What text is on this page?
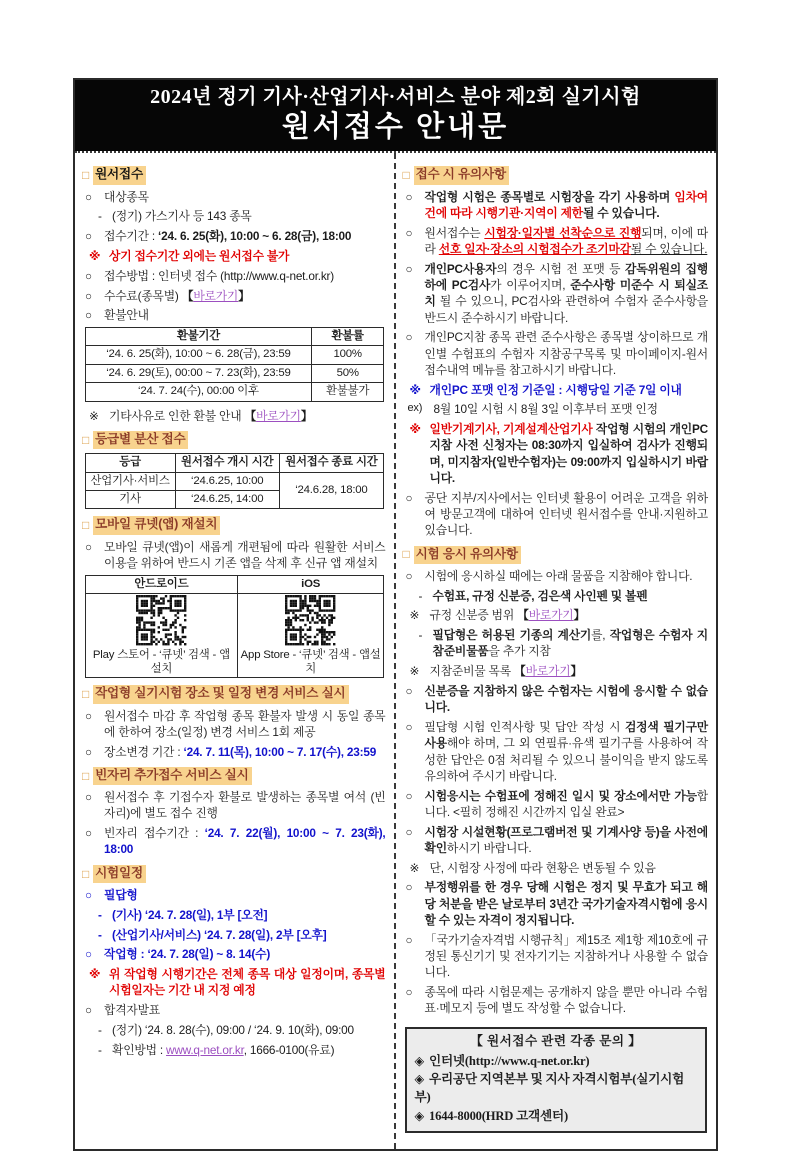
2024년 정기 기사·산업기사·서비스 분야 제2회 실기시험
원서접수 안내문
□ 원서접수
○ 대상종목
- (정기) 가스기사 등 143 종목
○ 접수기간 : ‘24. 6. 25(화), 10:00 ~ 6. 28(금), 18:00
※ 상기 접수기간 외에는 원서접수 불가
○ 접수방법 : 인터넷 접수 (http://www.q-net.or.kr)
○ 수수료(종목별) 【바로가기】
○ 환불안내
환불기간	환불률
‘24. 6. 25(화), 10:00 ~ 6. 28(금), 23:59	100%
‘24. 6. 29(토), 00:00 ~ 7. 23(화), 23:59	50%
‘24. 7. 24(수), 00:00 이후	환불불가
※ 기타사유로 인한 환불 안내 【바로가기】
□ 등급별 분산 접수
등급	원서접수 개시 시간	원서접수 종료 시간
산업기사·서비스	‘24.6.25, 10:00	‘24.6.28, 18:00
기사	‘24.6.25, 14:00	
□ 모바일 큐넷(앱) 재설치
○ 모바일 큐넷(앱)이 새롭게 개편됨에 따라 원활한 서비스 이용을 위하여 반드시 기존 앱을 삭제 후 신규 앱 재설치
안드로이드	iOS

Play 스토어 - ‘큐넷’ 검색 - 앱설치	App Store - ‘큐넷’ 검색 - 앱설치
□ 작업형 실기시험 장소 및 일정 변경 서비스 실시
○ 원서접수 마감 후 작업형 종목 환불자 발생 시 동일 종목에 한하여 장소(일정) 변경 서비스 1회 제공
○ 장소변경 기간 : ‘24. 7. 11(목), 10:00 ~ 7. 17(수), 23:59
□ 빈자리 추가접수 서비스 실시
○ 원서접수 후 기접수자 환불로 발생하는 종목별 여석 (빈자리)에 별도 접수 진행
○ 빈자리 접수기간 : ‘24. 7. 22(월), 10:00 ~ 7. 23(화), 18:00
□ 시험일정
○ 필답형
- (기사) ‘24. 7. 28(일), 1부 [오전]
- (산업기사/서비스) ‘24. 7. 28(일), 2부 [오후]
○ 작업형 : ‘24. 7. 28(일) ~ 8. 14(수)
※ 위 작업형 시행기간은 전체 종목 대상 일정이며, 종목별 시험일자는 기간 내 지정 예정
○ 합격자발표
- (정기) ‘24. 8. 28(수), 09:00 / ‘24. 9. 10(화), 09:00
- 확인방법 : www.q-net.or.kr, 1666-0100(유료)
□ 접수 시 유의사항
○ 작업형 시험은 종목별로 시험장을 각기 사용하며 임차여건에 따라 시행기관·지역이 제한될 수 있습니다.
○ 원서접수는 시험장·일자별 선착순으로 진행되며, 이에 따라 선호 일자·장소의 시험접수가 조기마감될 수 있습니다.
○ 개인PC사용자의 경우 시험 전 포맷 등 감독위원의 집행 하에 PC검사가 이루어지며, 준수사항 미준수 시 퇴실조치 될 수 있으니, PC검사와 관련하여 수험자 준수사항을 반드시 준수하시기 바랍니다.
○ 개인PC지참 종목 관련 준수사항은 종목별 상이하므로 개인별 수험표의 수험자 지참공구목록 및 마이페이지-원서접수내역 메뉴를 참고하시기 바랍니다.
※ 개인PC 포맷 인정 기준일 : 시행당일 기준 7일 이내
ex) 8월 10일 시험 시 8월 3일 이후부터 포맷 인정
※ 일반기계기사, 기계설계산업기사 작업형 시험의 개인PC 지참 사전 신청자는 08:30까지 입실하여 검사가 진행되며, 미지참자(일반수험자)는 09:00까지 입실하시기 바랍니다.
○ 공단 지부/지사에서는 인터넷 활용이 어려운 고객을 위하여 방문고객에 대하여 인터넷 원서접수를 안내·지원하고 있습니다.
□ 시험 응시 유의사항
○ 시험에 응시하실 때에는 아래 물품을 지참해야 합니다.
- 수험표, 규정 신분증, 검은색 사인펜 및 볼펜
※ 규정 신분증 범위 【바로가기】
- 필답형은 허용된 기종의 계산기를, 작업형은 수험자 지참준비물품을 추가 지참
※ 지참준비물 목록 【바로가기】
○ 신분증을 지참하지 않은 수험자는 시험에 응시할 수 없습니다.
○ 필답형 시험 인적사항 및 답안 작성 시 검정색 필기구만 사용해야 하며, 그 외 연필류·유색 필기구를 사용하여 작성한 답안은 0점 처리될 수 있으니 불이익을 받지 않도록 유의하여 주시기 바랍니다.
○ 시험응시는 수험표에 정해진 일시 및 장소에서만 가능합니다. <필히 정해진 시간까지 입실 완료>
○ 시험장 시설현황(프로그램버전 및 기계사양 등)을 사전에 확인하시기 바랍니다.
※ 단, 시험장 사정에 따라 현황은 변동될 수 있음
○ 부정행위를 한 경우 당해 시험은 정지 및 무효가 되고 해당 처분을 받은 날로부터 3년간 국가기술자격시험에 응시할 수 있는 자격이 정지됩니다.
○ 「국가기술자격법 시행규칙」제15조 제1항 제10호에 규정된 통신기기 및 전자기기는 지참하거나 사용할 수 없습니다.
○ 종목에 따라 시험문제는 공개하지 않을 뿐만 아니라 수험표·메모지 등에 별도 작성할 수 없습니다.
【 원서접수 관련 각종 문의 】
◈ 인터넷(http://www.q-net.or.kr)
◈ 우리공단 지역본부 및 지사 자격시험부(실기시험부)
◈ 1644-8000(HRD 고객센터)
